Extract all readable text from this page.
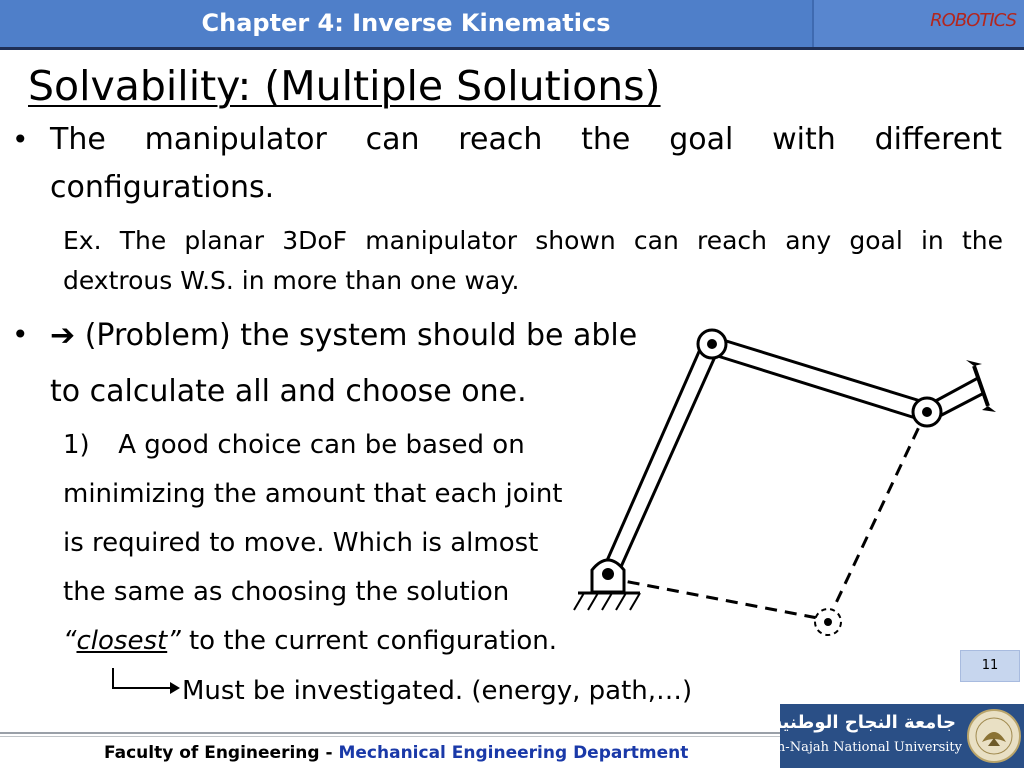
Chapter 4: Inverse Kinematics	ROBOTICS
Solvability: (Multiple Solutions)
• The manipulator can reach the goal with different
configurations.
Ex. The planar 3DoF manipulator shown can reach any goal in the
dextrous W.S. in more than one way.
• ➔ (Problem) the system should be able
to calculate all and choose one.
1) A good choice can be based on
minimizing the amount that each joint
is required to move. Which is almost
the same as choosing the solution
“closest” to the current configuration.
Must be investigated. (energy, path,…)
11
Faculty of Engineering - Mechanical Engineering Department
جامعة النجاح الوطنية
An-Najah National University
